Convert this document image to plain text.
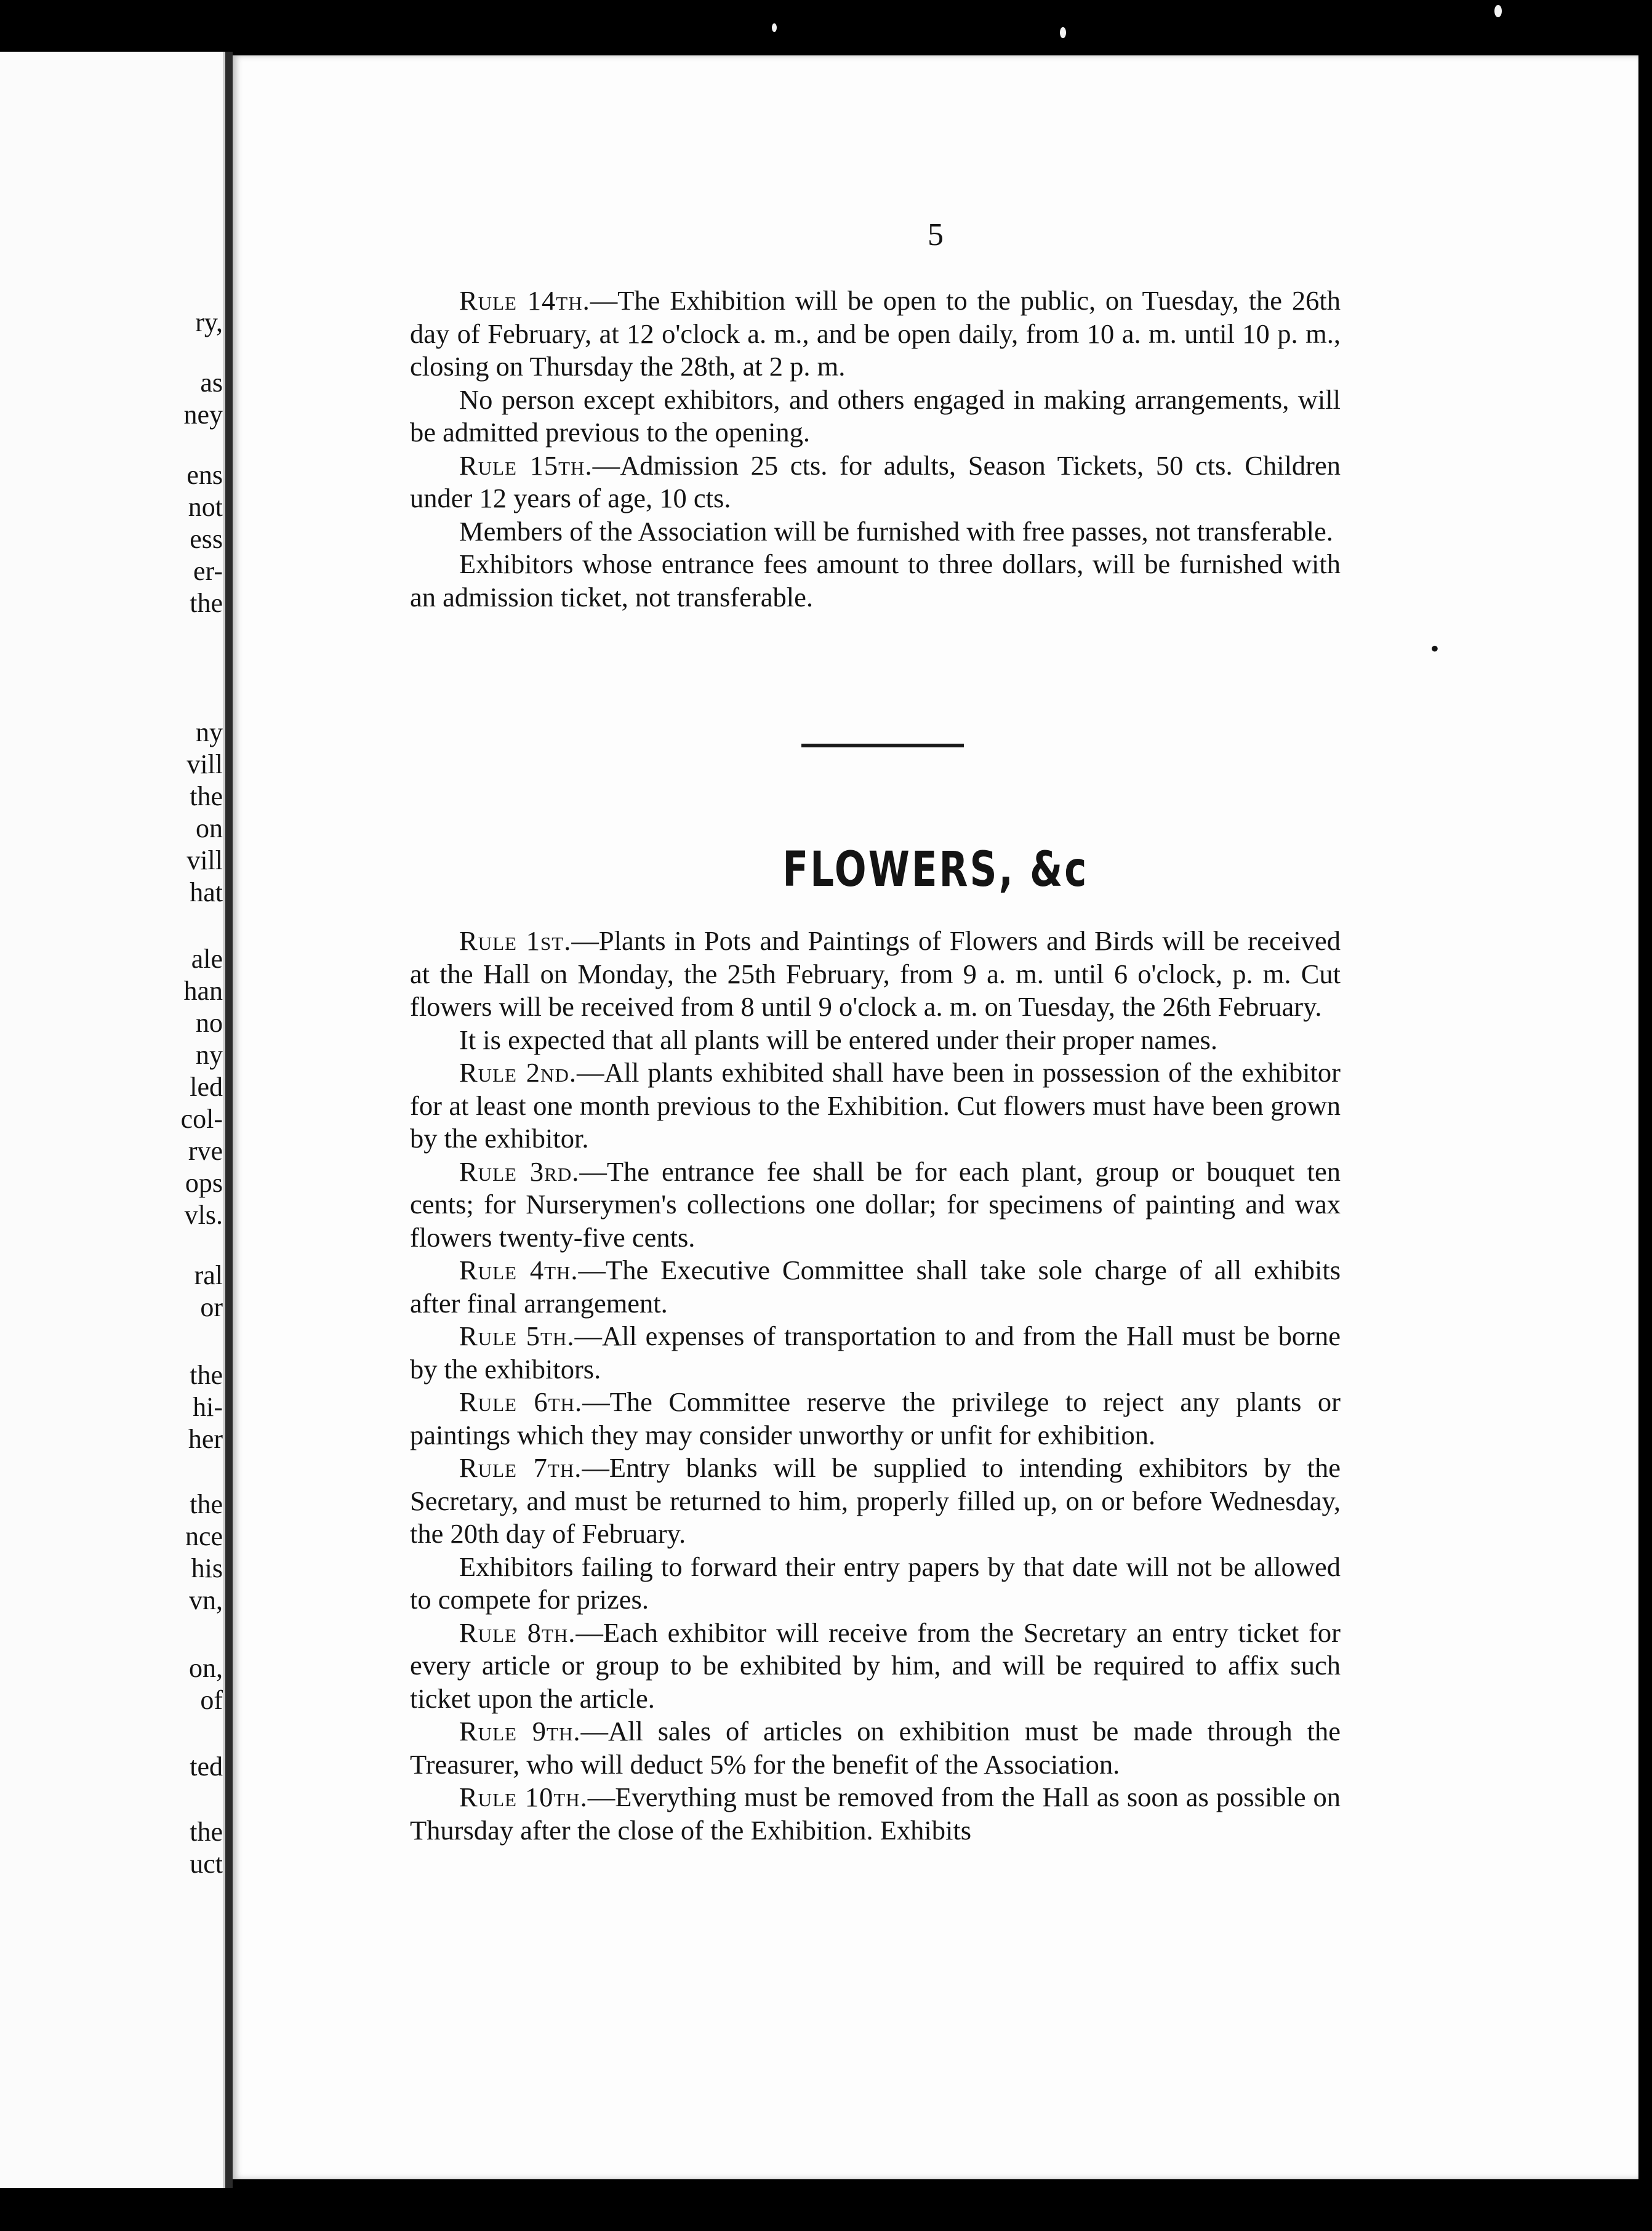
ry,
as
ney
ens
not
ess
er-
the
ny
vill
the
on
vill
hat
ale
han
no
ny
led
col-
rve
ops
vls.
ral
or
the
hi-
her
the
nce
his
vn,
on,
of
ted
the
uct
5

Rule 14th.—The Exhibition will be open to the public, on Tuesday, the 26th day of February, at 12 o'clock a. m., and be open daily, from 10 a. m. until 10 p. m., closing on Thursday the 28th, at 2 p. m.

No person except exhibitors, and others engaged in making arrangements, will be admitted previous to the opening.

Rule 15th.—Admission 25 cts. for adults, Season Tickets, 50 cts. Children under 12 years of age, 10 cts.

Members of the Association will be furnished with free passes, not transferable.

Exhibitors whose entrance fees amount to three dollars, will be furnished with an admission ticket, not transferable.

•
FLOWERS, &c

Rule 1st.—Plants in Pots and Paintings of Flowers and Birds will be received at the Hall on Monday, the 25th February, from 9 a. m. until 6 o'clock, p. m. Cut flowers will be received from 8 until 9 o'clock a. m. on Tuesday, the 26th February.

It is expected that all plants will be entered under their proper names.

Rule 2nd.—All plants exhibited shall have been in possession of the exhibitor for at least one month previous to the Exhibition. Cut flowers must have been grown by the exhibitor.

Rule 3rd.—The entrance fee shall be for each plant, group or bouquet ten cents; for Nurserymen's collections one dollar; for specimens of painting and wax flowers twenty-five cents.

Rule 4th.—The Executive Committee shall take sole charge of all exhibits after final arrangement.

Rule 5th.—All expenses of transportation to and from the Hall must be borne by the exhibitors.

Rule 6th.—The Committee reserve the privilege to reject any plants or paintings which they may consider unworthy or unfit for exhibition.

Rule 7th.—Entry blanks will be supplied to intending exhibitors by the Secretary, and must be returned to him, properly filled up, on or before Wednesday, the 20th day of February.

Exhibitors failing to forward their entry papers by that date will not be allowed to compete for prizes.

Rule 8th.—Each exhibitor will receive from the Secretary an entry ticket for every article or group to be exhibited by him, and will be required to affix such ticket upon the article.

Rule 9th.—All sales of articles on exhibition must be made through the Treasurer, who will deduct 5% for the benefit of the Association.

Rule 10th.—Everything must be removed from the Hall as soon as possible on Thursday after the close of the Exhibition. Exhibits
